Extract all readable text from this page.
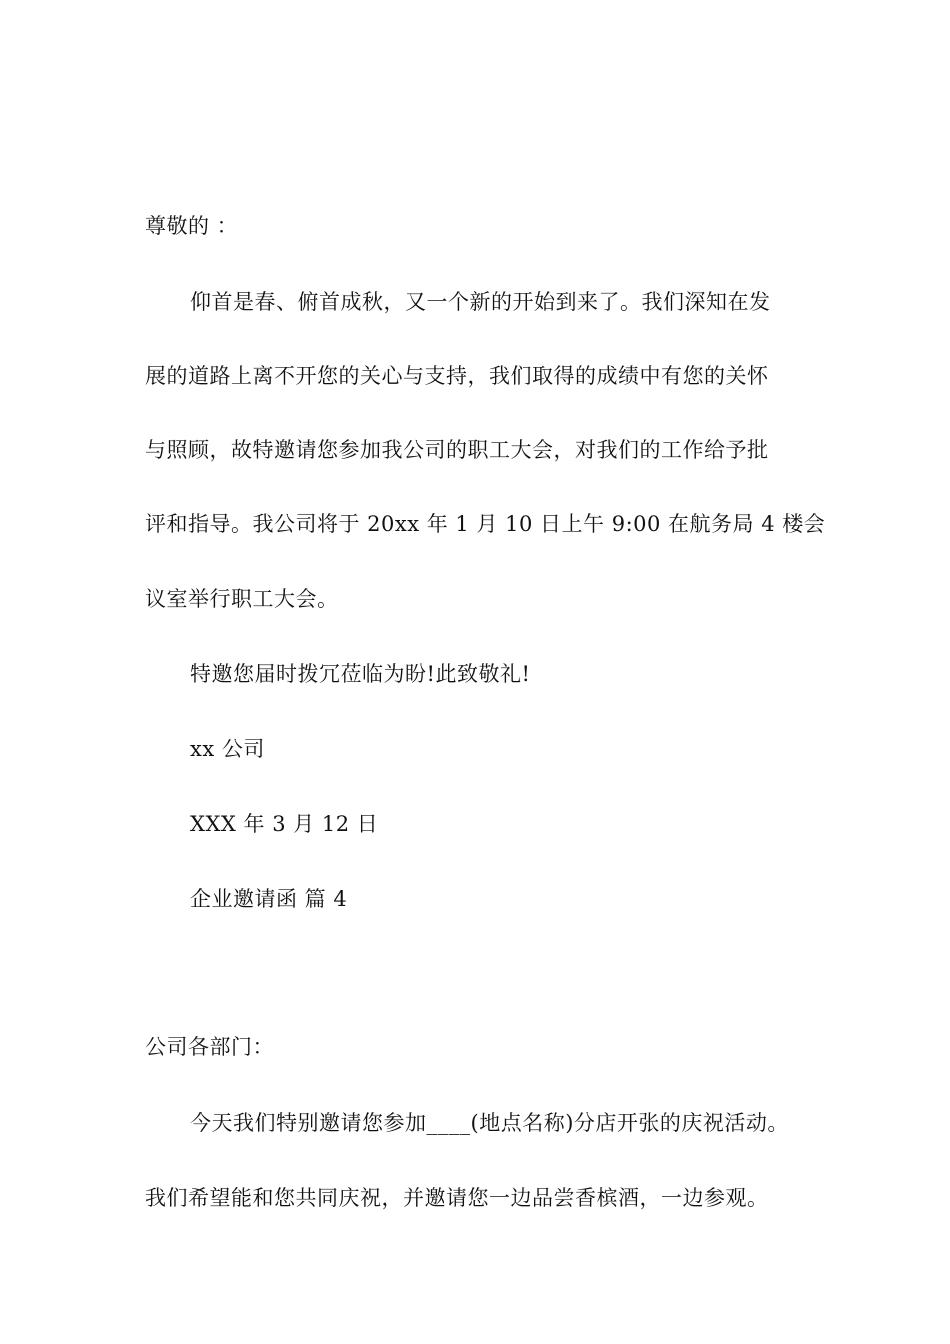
尊敬的 ：
仰首是春、俯首成秋，又一个新的开始到来了。我们深知在发
展的道路上离不开您的关心与支持，我们取得的成绩中有您的关怀
与照顾，故特邀请您参加我公司的职工大会，对我们的工作给予批
评和指导。我公司将于 20xx 年 1 月 10 日上午 9:00 在航务局 4 楼会
议室举行职工大会。
特邀您届时拨冗莅临为盼!此致敬礼!
xx 公司
XXX 年 3 月 12 日
企业邀请函 篇 4
公司各部门：
今天我们特别邀请您参加____(地点名称)分店开张的庆祝活动。
我们希望能和您共同庆祝，并邀请您一边品尝香槟酒，一边参观。
